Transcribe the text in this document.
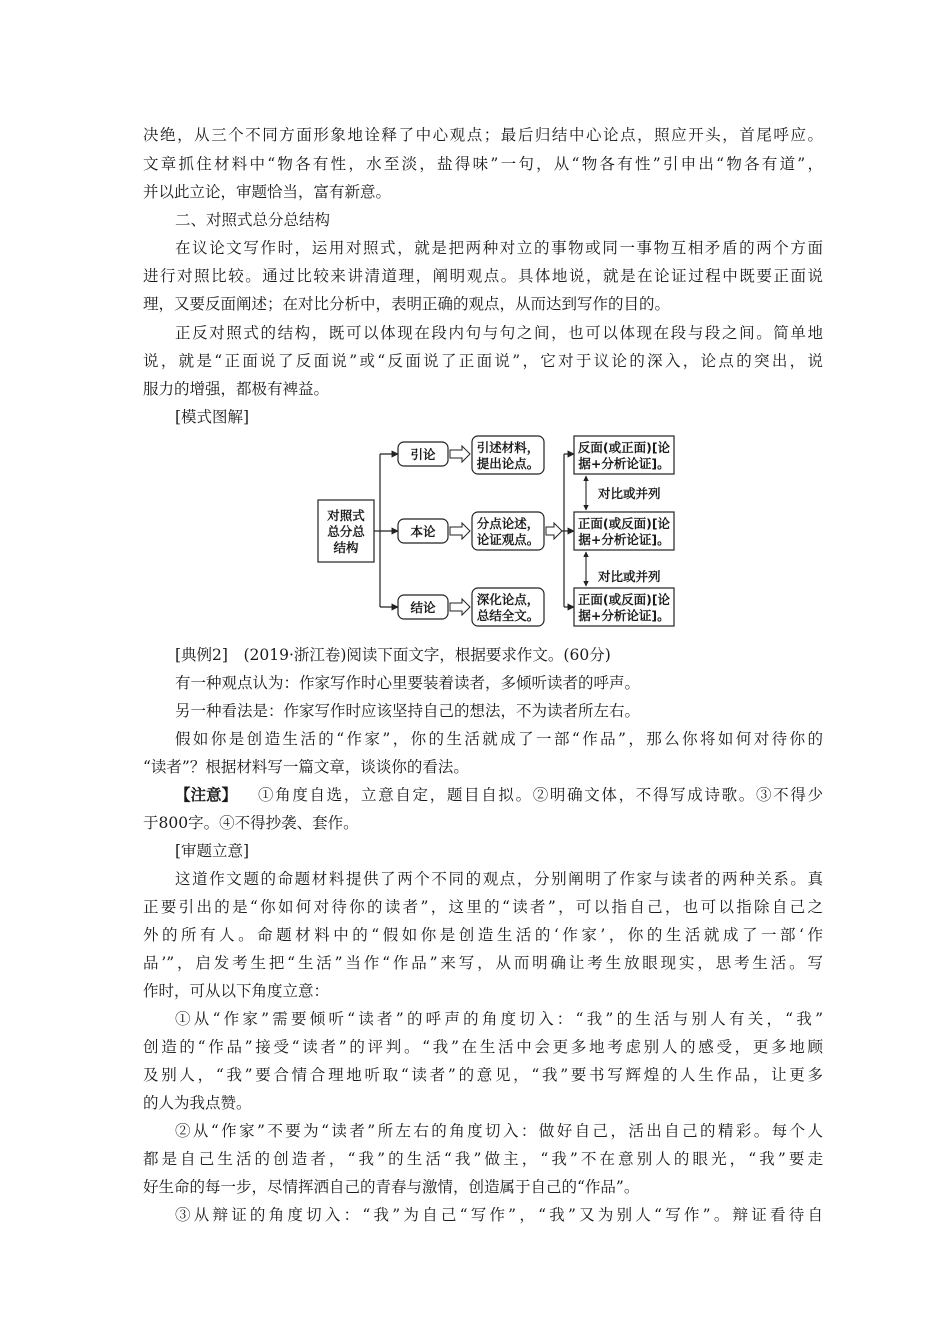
决绝，从三个不同方面形象地诠释了中心观点；最后归结中心论点，照应开头，首尾呼应。
文章抓住材料中“物各有性，水至淡，盐得味”一句，从“物各有性”引申出“物各有道”，
并以此立论，审题恰当，富有新意。
二、对照式总分总结构
在议论文写作时，运用对照式，就是把两种对立的事物或同一事物互相矛盾的两个方面
进行对照比较。通过比较来讲清道理，阐明观点。具体地说，就是在论证过程中既要正面说
理，又要反面阐述；在对比分析中，表明正确的观点，从而达到写作的目的。
正反对照式的结构，既可以体现在段内句与句之间，也可以体现在段与段之间。简单地
说，就是“正面说了反面说”或“反面说了正面说”，它对于议论的深入，论点的突出，说
服力的增强，都极有裨益。
[模式图解]
对照式
总分总
结构
引论
本论
结论
引述材料，
提出论点。
分点论述，
论证观点。
深化论点，
总结全文。
反面(或正面)[论
据+分析论证]。
正面(或反面)[论
据+分析论证]。
正面(或反面)[论
据+分析论证]。
对比或并列
对比或并列
[典例2]　(2019·浙江卷)阅读下面文字，根据要求作文。(60分)
有一种观点认为：作家写作时心里要装着读者，多倾听读者的呼声。
另一种看法是：作家写作时应该坚持自己的想法，不为读者所左右。
假如你是创造生活的“作家”，你的生活就成了一部“作品”，那么你将如何对待你的
“读者”？根据材料写一篇文章，谈谈你的看法。
【注意】	①角度自选，立意自定，题目自拟。②明确文体，不得写成诗歌。③不得少
于800字。④不得抄袭、套作。
[审题立意]
这道作文题的命题材料提供了两个不同的观点，分别阐明了作家与读者的两种关系。真
正要引出的是“你如何对待你的读者”，这里的“读者”，可以指自己，也可以指除自己之
外的所有人。命题材料中的“假如你是创造生活的‘作家’，你的生活就成了一部‘作
品’”，启发考生把“生活”当作“作品”来写，从而明确让考生放眼现实，思考生活。写
作时，可从以下角度立意：
①从“作家”需要倾听“读者”的呼声的角度切入：“我”的生活与别人有关，“我”
创造的“作品”接受“读者”的评判。“我”在生活中会更多地考虑别人的感受，更多地顾
及别人，“我”要合情合理地听取“读者”的意见，“我”要书写辉煌的人生作品，让更多
的人为我点赞。
②从“作家”不要为“读者”所左右的角度切入：做好自己，活出自己的精彩。每个人
都是自己生活的创造者，“我”的生活“我”做主，“我”不在意别人的眼光，“我”要走
好生命的每一步，尽情挥洒自己的青春与激情，创造属于自己的“作品”。
③从辩证的角度切入：“我”为自己“写作”，“我”又为别人“写作”。辩证看待自
